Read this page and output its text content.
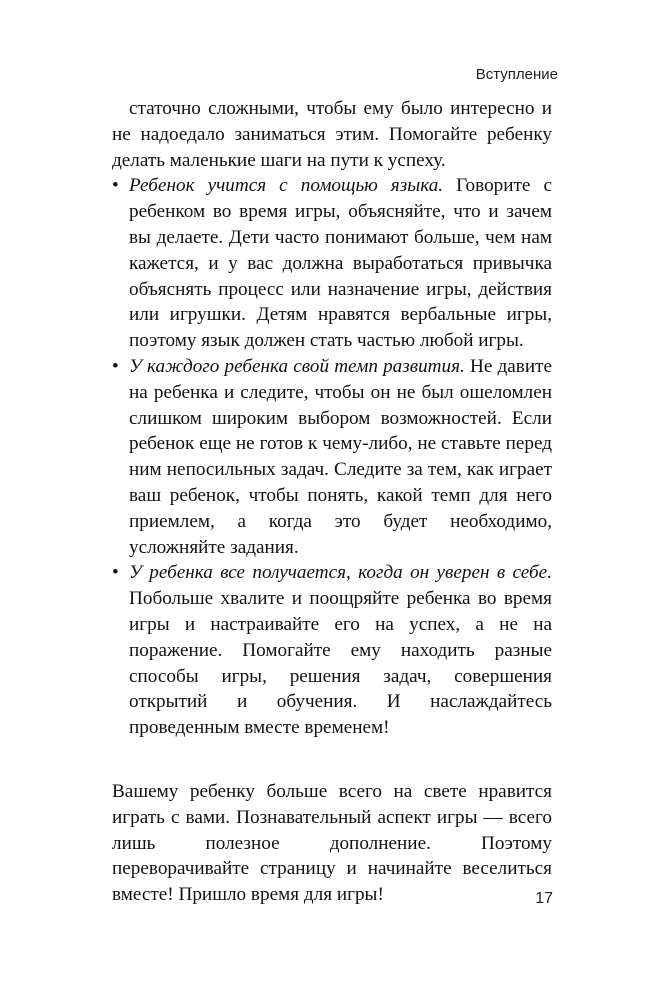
Вступление

статочно сложными, чтобы ему было интересно и не надоедало заниматься этим. Помогайте ребенку делать маленькие шаги на пути к успеху.

• Ребенок учится с помощью языка. Говорите с ребенком во время игры, объясняйте, что и зачем вы делаете. Дети часто понимают больше, чем нам кажется, и у вас должна выработаться привычка объяснять процесс или назначение игры, действия или игрушки. Детям нравятся вербальные игры, поэтому язык должен стать частью любой игры.
• У каждого ребенка свой темп развития. Не давите на ребенка и следите, чтобы он не был ошеломлен слишком широким выбором возможностей. Если ребенок еще не готов к чему-либо, не ставьте перед ним непосильных задач. Следите за тем, как играет ваш ребенок, чтобы понять, какой темп для него приемлем, а когда это будет необходимо, усложняйте задания.
• У ребенка все получается, когда он уверен в себе. Побольше хвалите и поощряйте ребенка во время игры и настраивайте его на успех, а не на поражение. Помогайте ему находить разные способы игры, решения задач, совершения открытий и обучения. И наслаждайтесь проведенным вместе временем!

Вашему ребенку больше всего на свете нравится играть с вами. Познавательный аспект игры — всего лишь полезное дополнение. Поэтому переворачивайте страницу и начинайте веселиться вместе! Пришло время для игры!	17
